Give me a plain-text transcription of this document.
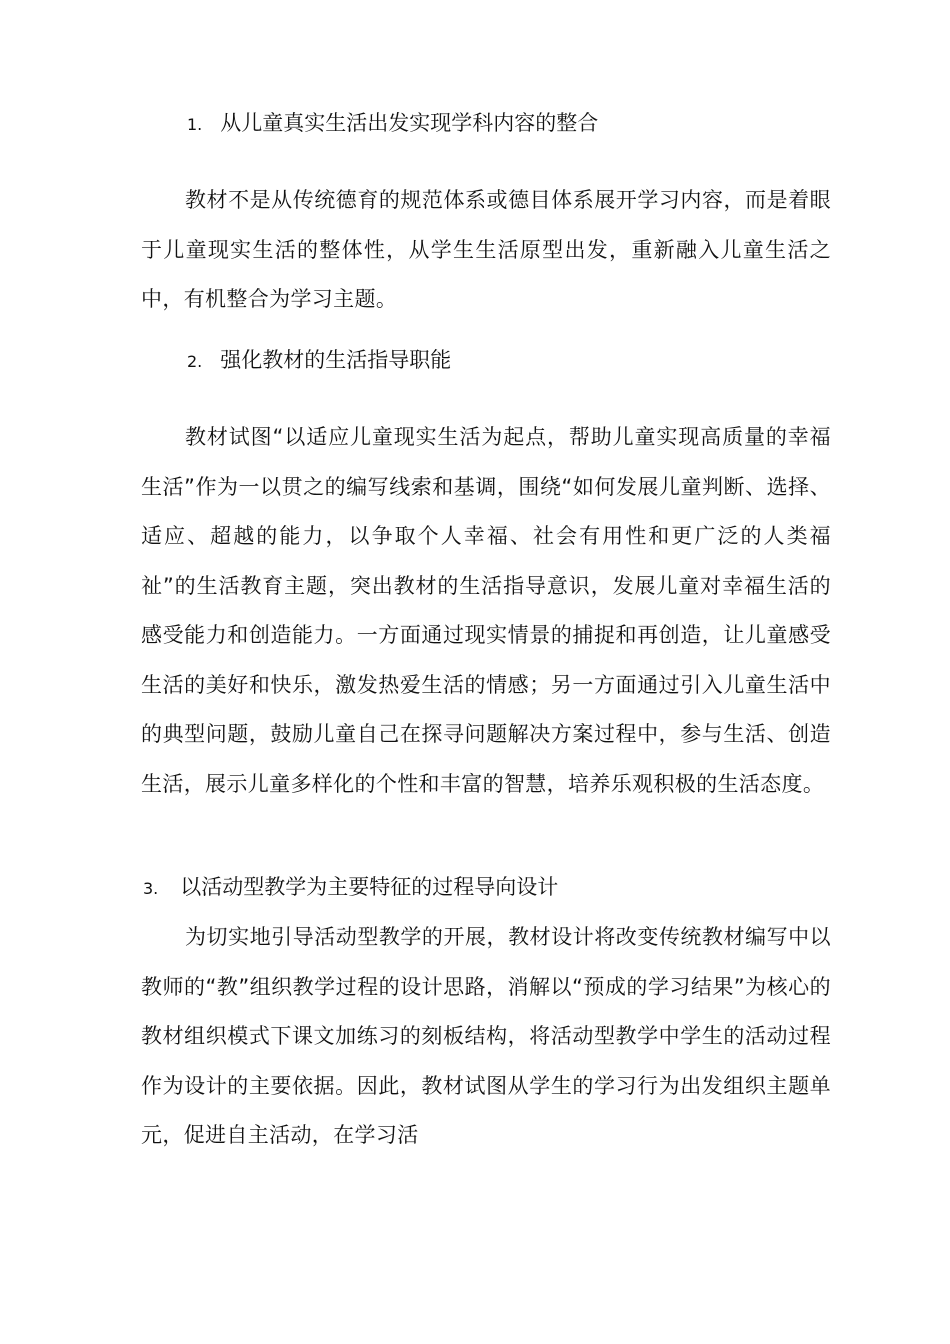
1. 从儿童真实生活出发实现学科内容的整合

教材不是从传统德育的规范体系或德目体系展开学习内容，而是着眼于儿童现实生活的整体性，从学生生活原型出发，重新融入儿童生活之中，有机整合为学习主题。

2. 强化教材的生活指导职能

教材试图“以适应儿童现实生活为起点，帮助儿童实现高质量的幸福生活”作为一以贯之的编写线索和基调，围绕“如何发展儿童判断、选择、适应、超越的能力，以争取个人幸福、社会有用性和更广泛的人类福祉”的生活教育主题，突出教材的生活指导意识，发展儿童对幸福生活的感受能力和创造能力。一方面通过现实情景的捕捉和再创造，让儿童感受生活的美好和快乐，激发热爱生活的情感；另一方面通过引入儿童生活中的典型问题，鼓励儿童自己在探寻问题解决方案过程中，参与生活、创造生活，展示儿童多样化的个性和丰富的智慧，培养乐观积极的生活态度。

3. 以活动型教学为主要特征的过程导向设计

为切实地引导活动型教学的开展，教材设计将改变传统教材编写中以教师的“教”组织教学过程的设计思路，消解以“预成的学习结果”为核心的教材组织模式下课文加练习的刻板结构，将活动型教学中学生的活动过程作为设计的主要依据。因此，教材试图从学生的学习行为出发组织主题单元，促进自主活动，在学习活
